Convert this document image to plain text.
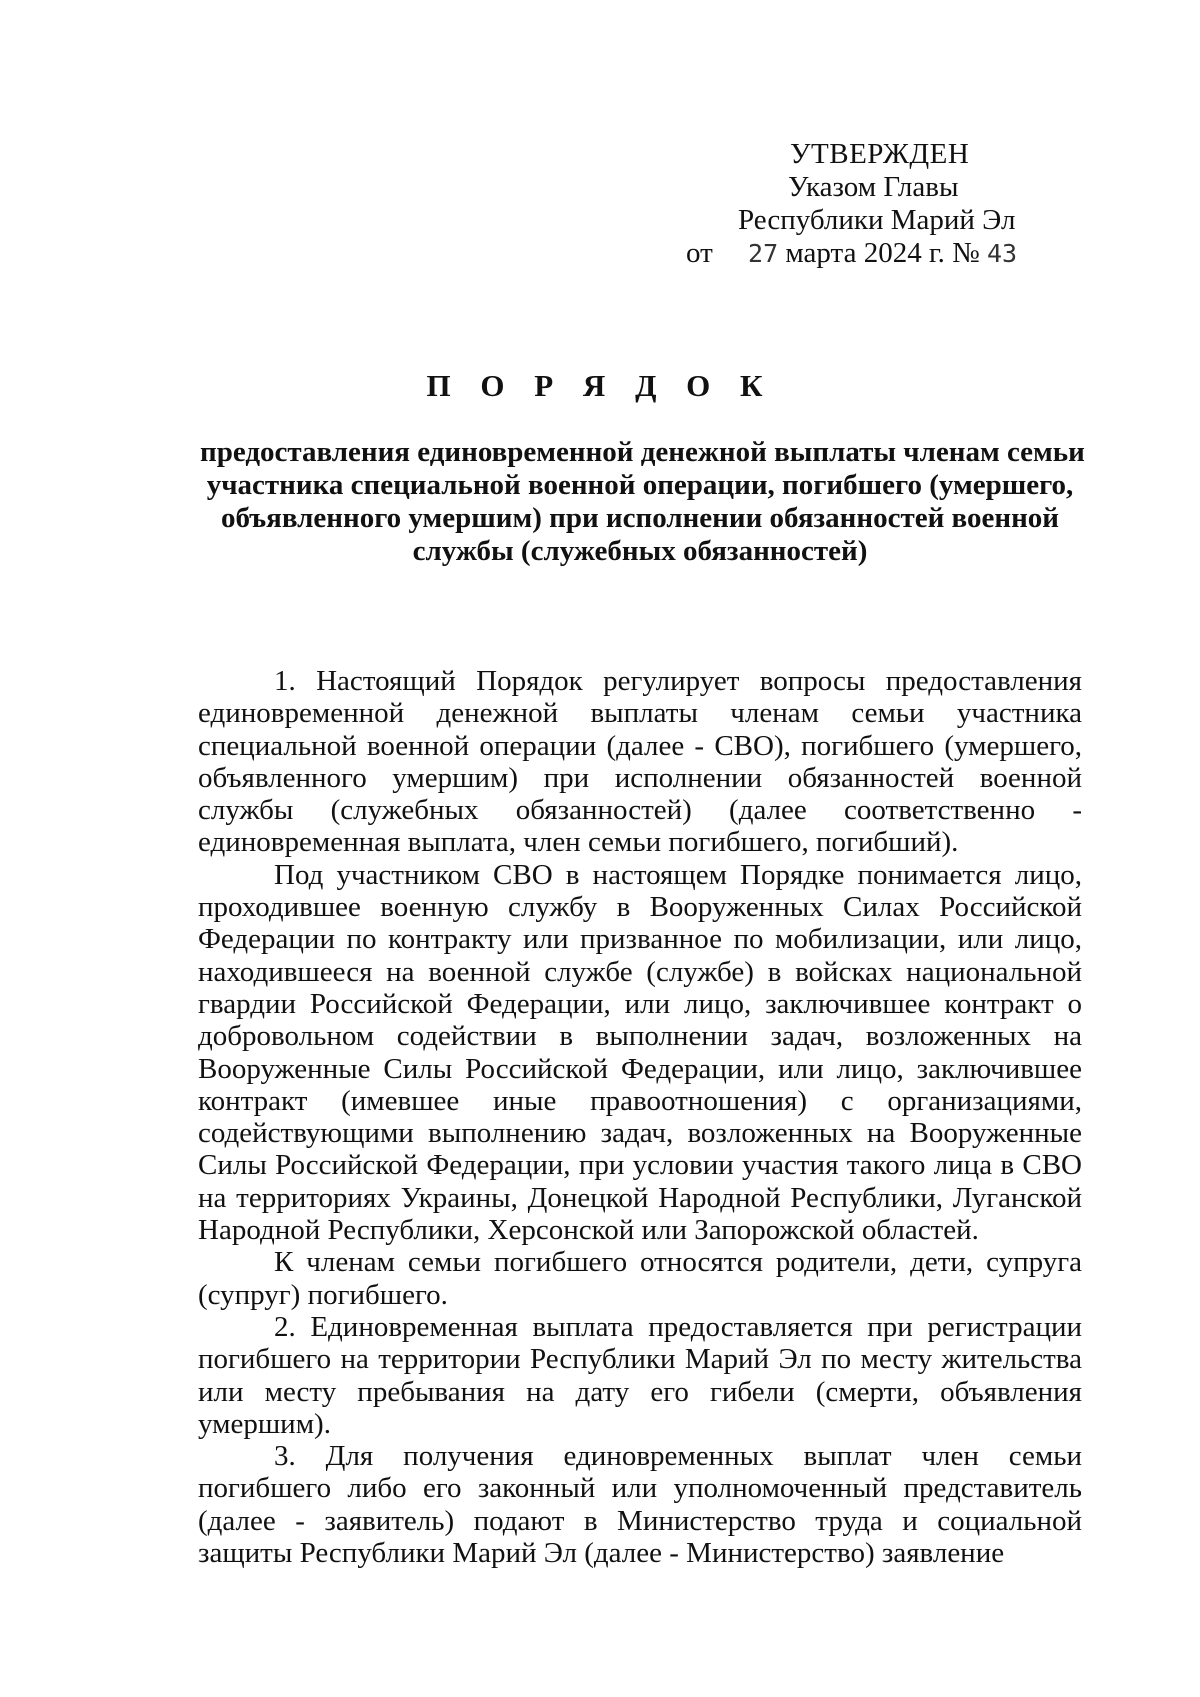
УТВЕРЖДЕН
Указом Главы
Республики Марий Эл
от 27 марта 2024 г. № 43
П О Р Я Д О К
предоставления единовременной денежной выплаты членам семьи
участника специальной военной операции, погибшего (умершего,
объявленного умершим) при исполнении обязанностей военной
службы (служебных обязанностей)

1. Настоящий Порядок регулирует вопросы предоставления единовременной денежной выплаты членам семьи участника специальной военной операции (далее - СВО), погибшего (умершего, объявленного умершим) при исполнении обязанностей военной службы (служебных обязанностей) (далее соответственно - единовременная выплата, член семьи погибшего, погибший).

Под участником СВО в настоящем Порядке понимается лицо, проходившее военную службу в Вооруженных Силах Российской Федерации по контракту или призванное по мобилизации, или лицо, находившееся на военной службе (службе) в войсках национальной гвардии Российской Федерации, или лицо, заключившее контракт о добровольном содействии в выполнении задач, возложенных на Вооруженные Силы Российской Федерации, или лицо, заключившее контракт (имевшее иные правоотношения) с организациями, содействующими выполнению задач, возложенных на Вооруженные Силы Российской Федерации, при условии участия такого лица в СВО на территориях Украины, Донецкой Народной Республики, Луганской Народной Республики, Херсонской или Запорожской областей.

К членам семьи погибшего относятся родители, дети, супруга (супруг) погибшего.

2. Единовременная выплата предоставляется при регистрации погибшего на территории Республики Марий Эл по месту жительства или месту пребывания на дату его гибели (смерти, объявления умершим).

3. Для получения единовременных выплат член семьи погибшего либо его законный или уполномоченный представитель (далее - заявитель) подают в Министерство труда и социальной защиты Республики Марий Эл (далее - Министерство) заявление
